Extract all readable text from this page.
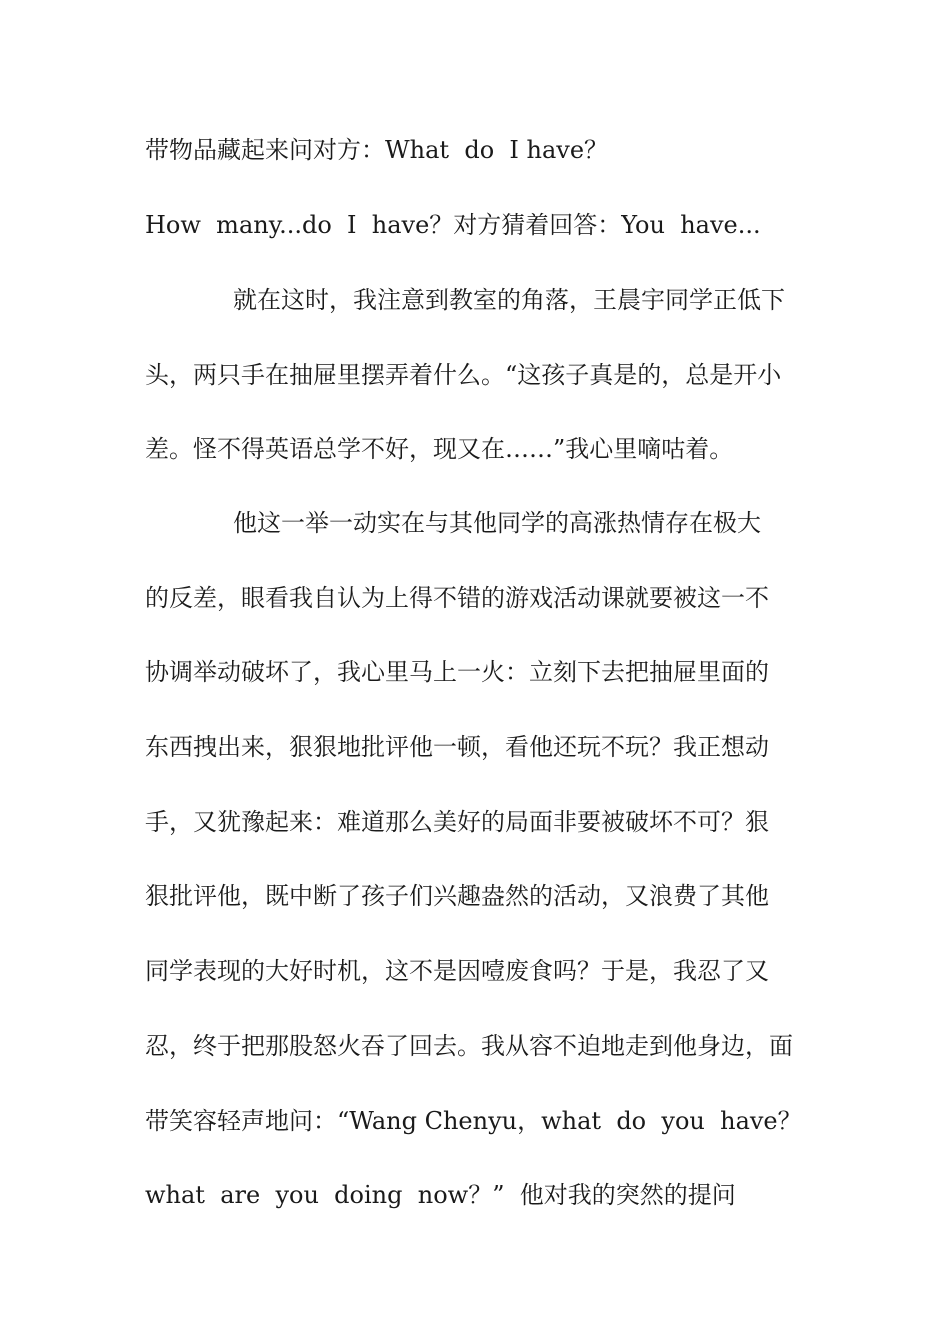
带物品藏起来问对方：What  do  I have？
How  many...do  I  have？对方猜着回答：You  have...
就在这时，我注意到教室的角落，王晨宇同学正低下
头，两只手在抽屉里摆弄着什么。“这孩子真是的，总是开小
差。怪不得英语总学不好，现又在……”我心里嘀咕着。
他这一举一动实在与其他同学的高涨热情存在极大
的反差，眼看我自认为上得不错的游戏活动课就要被这一不
协调举动破坏了，我心里马上一火：立刻下去把抽屉里面的
东西拽出来，狠狠地批评他一顿，看他还玩不玩？我正想动
手，又犹豫起来：难道那么美好的局面非要被破坏不可？狠
狠批评他，既中断了孩子们兴趣盎然的活动，又浪费了其他
同学表现的大好时机，这不是因噎废食吗？于是，我忍了又
忍，终于把那股怒火吞了回去。我从容不迫地走到他身边，面
带笑容轻声地问：“Wang Chenyu，what  do  you  have？
what  are  you  doing  now？”  他对我的突然的提问
